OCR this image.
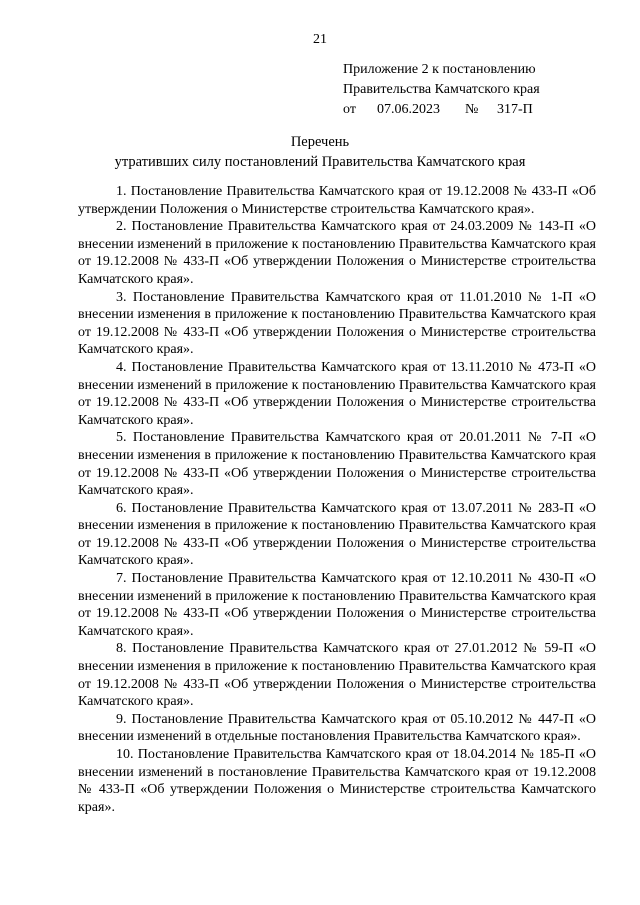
21
Приложение 2 к постановлению
Правительства Камчатского края
от	07.06.2023	№	317-П
Перечень
утративших силу постановлений Правительства Камчатского края

1. Постановление Правительства Камчатского края от 19.12.2008 № 433-П «Об утверждении Положения о Министерстве строительства Камчатского края».

2. Постановление Правительства Камчатского края от 24.03.2009 № 143-П «О внесении изменений в приложение к постановлению Правительства Камчатского края от 19.12.2008 № 433-П «Об утверждении Положения о Министерстве строительства Камчатского края».

3. Постановление Правительства Камчатского края от 11.01.2010 № 1-П «О внесении изменения в приложение к постановлению Правительства Камчатского края от 19.12.2008 № 433-П «Об утверждении Положения о Министерстве строительства Камчатского края».

4. Постановление Правительства Камчатского края от 13.11.2010 № 473-П «О внесении изменений в приложение к постановлению Правительства Камчатского края от 19.12.2008 № 433-П «Об утверждении Положения о Министерстве строительства Камчатского края».

5. Постановление Правительства Камчатского края от 20.01.2011 № 7-П «О внесении изменения в приложение к постановлению Правительства Камчатского края от 19.12.2008 № 433-П «Об утверждении Положения о Министерстве строительства Камчатского края».

6. Постановление Правительства Камчатского края от 13.07.2011 № 283-П «О внесении изменения в приложение к постановлению Правительства Камчатского края от 19.12.2008 № 433-П «Об утверждении Положения о Министерстве строительства Камчатского края».

7. Постановление Правительства Камчатского края от 12.10.2011 № 430-П «О внесении изменений в приложение к постановлению Правительства Камчатского края от 19.12.2008 № 433-П «Об утверждении Положения о Министерстве строительства Камчатского края».

8. Постановление Правительства Камчатского края от 27.01.2012 № 59-П «О внесении изменения в приложение к постановлению Правительства Камчатского края от 19.12.2008 № 433-П «Об утверждении Положения о Министерстве строительства Камчатского края».

9. Постановление Правительства Камчатского края от 05.10.2012 № 447-П «О внесении изменений в отдельные постановления Правительства Камчатского края».

10. Постановление Правительства Камчатского края от 18.04.2014 № 185-П «О внесении изменений в постановление Правительства Камчатского края от 19.12.2008 № 433-П «Об утверждении Положения о Министерстве строительства Камчатского края».
